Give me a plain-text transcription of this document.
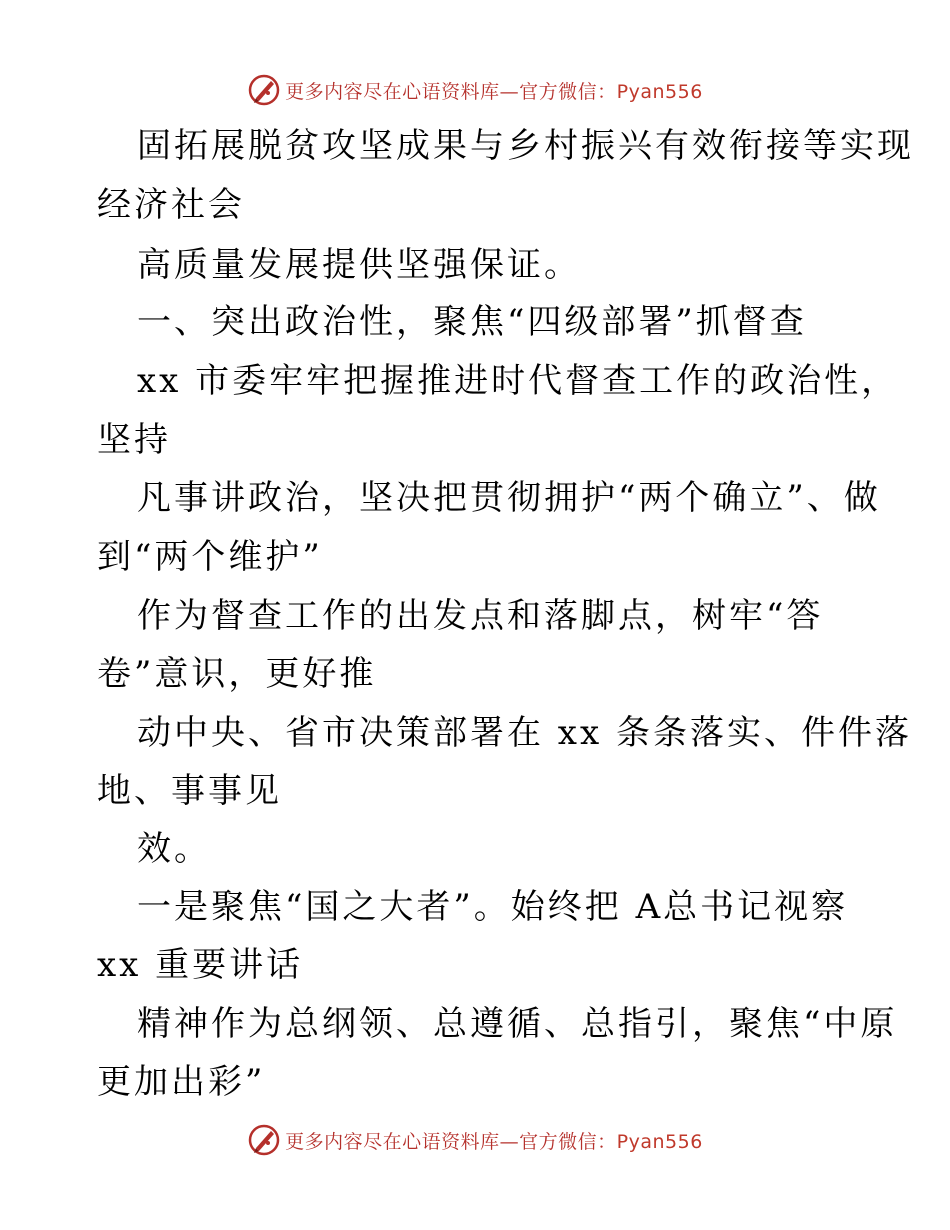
更多内容尽在心语资料库—官方微信：Pyan556
固拓展脱贫攻坚成果与乡村振兴有效衔接等实现
经济社会
高质量发展提供坚强保证。
一、突出政治性，聚焦“四级部署”抓督查
xx 市委牢牢把握推进时代督查工作的政治性，
坚持
凡事讲政治，坚决把贯彻拥护“两个确立”、做
到“两个维护”
作为督查工作的出发点和落脚点，树牢“答
卷”意识，更好推
动中央、省市决策部署在 xx 条条落实、件件落
地、事事见
效。
一是聚焦“国之大者”。始终把 A总书记视察
xx 重要讲话
精神作为总纲领、总遵循、总指引，聚焦“中原
更加出彩”
更多内容尽在心语资料库—官方微信：Pyan556
